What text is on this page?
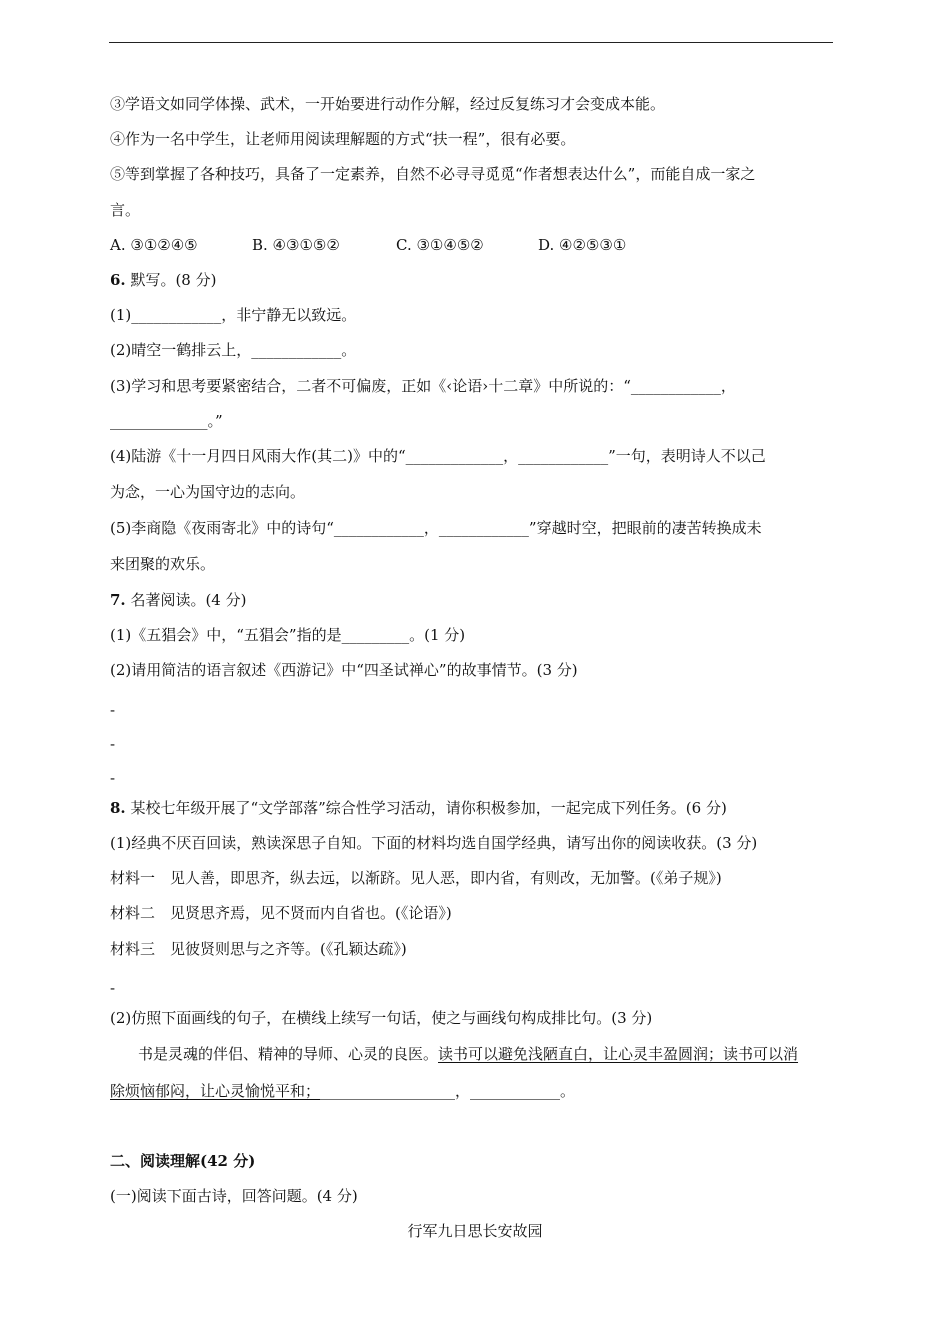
③学语文如同学体操、武术，一开始要进行动作分解，经过反复练习才会变成本能。
④作为一名中学生，让老师用阅读理解题的方式“扶一程”，很有必要。
⑤等到掌握了各种技巧，具备了一定素养，自然不必寻寻觅觅“作者想表达什么”，而能自成一家之
言。
A. ③①②④⑤	B. ④③①⑤②	C. ③①④⑤②	D. ④②⑤③①
6. 默写。(8 分)
(1)____________，非宁静无以致远。
(2)晴空一鹤排云上，____________。
(3)学习和思考要紧密结合，二者不可偏废，正如《‹论语›十二章》中所说的：“____________，
_____________。”
(4)陆游《十一月四日风雨大作(其二)》中的“_____________，____________”一句，表明诗人不以己
为念，一心为国守边的志向。
(5)李商隐《夜雨寄北》中的诗句“____________，____________”穿越时空，把眼前的凄苦转换成未
来团聚的欢乐。
7. 名著阅读。(4 分)
(1)《五猖会》中，“五猖会”指的是_________。(1 分)
(2)请用简洁的语言叙述《西游记》中“四圣试禅心”的故事情节。(3 分)
-
-
-
8. 某校七年级开展了“文学部落”综合性学习活动，请你积极参加，一起完成下列任务。(6 分)
(1)经典不厌百回读，熟读深思子自知。下面的材料均选自国学经典，请写出你的阅读收获。(3 分)
材料一　见人善，即思齐，纵去远，以渐跻。见人恶，即内省，有则改，无加警。(《弟子规》)
材料二　见贤思齐焉，见不贤而内自省也。(《论语》)
材料三　见彼贤则思与之齐等。(《孔颖达疏》)
-
(2)仿照下面画线的句子，在横线上续写一句话，使之与画线句构成排比句。(3 分)
书是灵魂的伴侣、精神的导师、心灵的良医。读书可以避免浅陋直白，让心灵丰盈圆润；读书可以消
除烦恼郁闷，让心灵愉悦平和；__________________，____________。
二、阅读理解(42 分)
(一)阅读下面古诗，回答问题。(4 分)
行军九日思长安故园
